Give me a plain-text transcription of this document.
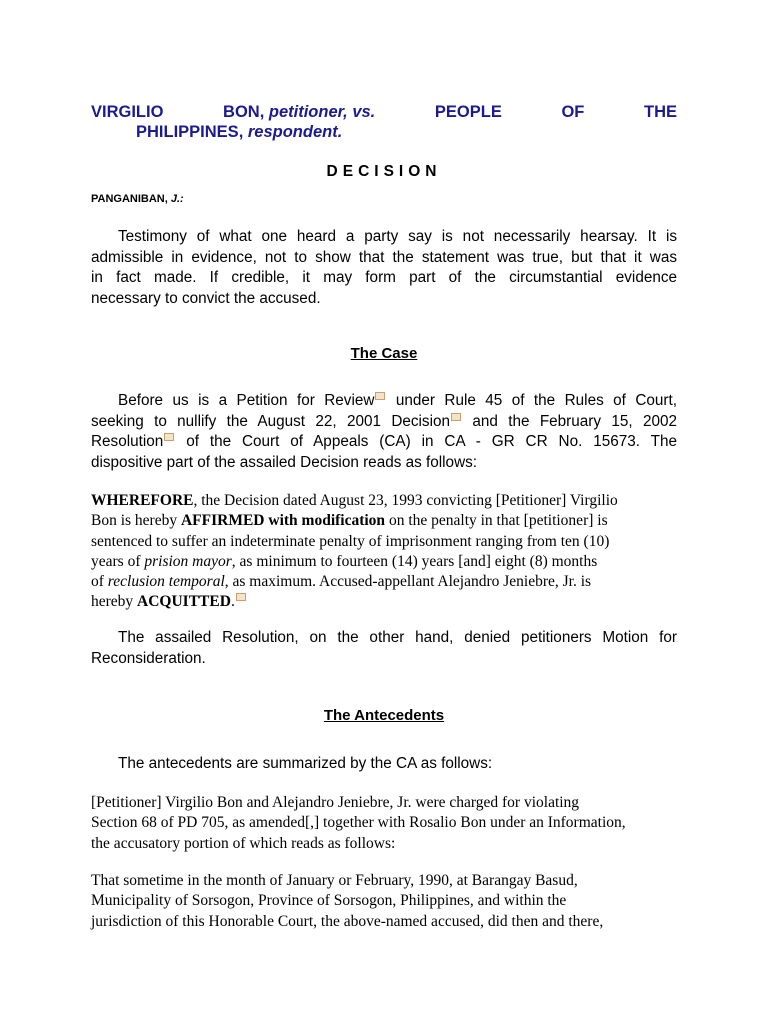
VIRGILIO	BON, petitioner, vs.	PEOPLE	OF	THE
PHILIPPINES, respondent.
DECISION
PANGANIBAN, J.:
Testimony of what one heard a party say is not necessarily hearsay. It is
admissible in evidence, not to show that the statement was true, but that it was
in fact made. If credible, it may form part of the circumstantial evidence
necessary to convict the accused.
The Case
Before us is a Petition for Review under Rule 45 of the Rules of Court,
seeking to nullify the August 22, 2001 Decision and the February 15, 2002
Resolution of the Court of Appeals (CA) in CA - GR CR No. 15673. The
dispositive part of the assailed Decision reads as follows:
WHEREFORE, the Decision dated August 23, 1993 convicting [Petitioner] Virgilio
Bon is hereby AFFIRMED with modification on the penalty in that [petitioner] is
sentenced to suffer an indeterminate penalty of imprisonment ranging from ten (10)
years of prision mayor, as minimum to fourteen (14) years [and] eight (8) months
of reclusion temporal, as maximum. Accused-appellant Alejandro Jeniebre, Jr. is
hereby ACQUITTED.
The assailed Resolution, on the other hand, denied petitioners Motion for
Reconsideration.
The Antecedents
The antecedents are summarized by the CA as follows:
[Petitioner] Virgilio Bon and Alejandro Jeniebre, Jr. were charged for violating
Section 68 of PD 705, as amended[,] together with Rosalio Bon under an Information,
the accusatory portion of which reads as follows:
That sometime in the month of January or February, 1990, at Barangay Basud,
Municipality of Sorsogon, Province of Sorsogon, Philippines, and within the
jurisdiction of this Honorable Court, the above-named accused, did then and there,
